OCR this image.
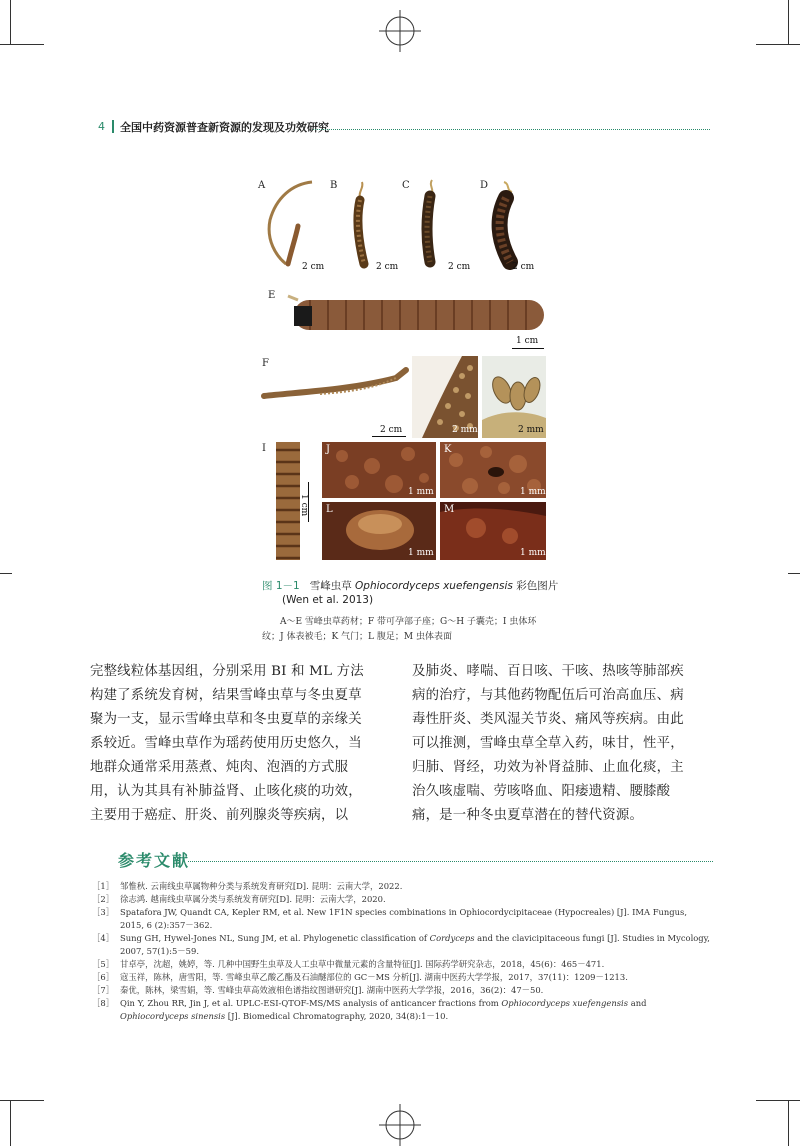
4 全国中药资源普查新资源的发现及功效研究
A
2 cm
B
2 cm
C
2 cm
D
2 cm
E
1 cm
F
2 cm	2 mm	2 mm
I
1 cm
J
1 mm
K
1 mm
L
1 mm
M
1 mm
图 1－1 雪峰虫草 Ophiocordyceps xuefengensis 彩色图片
(Wen et al. 2013)
A～E 雪峰虫草药材；F 带可孕部子座；G～H 子囊壳；I 虫体环
纹；J 体表被毛；K 气门；L 腹足；M 虫体表面

完整线粒体基因组，分别采用 BI 和 ML 方法构建了系统发育树，结果雪峰虫草与冬虫夏草聚为一支，显示雪峰虫草和冬虫夏草的亲缘关系较近。雪峰虫草作为瑶药使用历史悠久，当地群众通常采用蒸煮、炖肉、泡酒的方式服用，认为其具有补肺益肾、止咳化痰的功效，主要用于癌症、肝炎、前列腺炎等疾病，以

及肺炎、哮喘、百日咳、干咳、热咳等肺部疾病的治疗，与其他药物配伍后可治高血压、病毒性肝炎、类风湿关节炎、痛风等疾病。由此可以推测，雪峰虫草全草入药，味甘，性平，归肺、肾经，功效为补肾益肺、止血化痰，主治久咳虚喘、劳咳咯血、阳痿遗精、腰膝酸痛，是一种冬虫夏草潜在的替代资源。

参考文献
［1］ 邹惟秋. 云南线虫草属物种分类与系统发育研究[D]. 昆明：云南大学，2022.
［2］ 徐志鸿. 越南线虫草属分类与系统发育研究[D]. 昆明：云南大学，2020.
［3］ Spatafora JW, Quandt CA, Kepler RM, et al. New 1F1N species combinations in Ophiocordycipitaceae (Hypocreales) [J]. IMA Fungus, 2015, 6 (2):357－362.
［4］ Sung GH, Hywel-Jones NL, Sung JM, et al. Phylogenetic classification of Cordyceps and the clavicipitaceous fungi [J]. Studies in Mycology, 2007, 57(1):5－59.
［5］ 甘卓亭，沈超，姚婷，等. 几种中国野生虫草及人工虫草中微量元素的含量特征[J]. 国际药学研究杂志，2018，45(6)：465－471.
［6］ 寇玉祥，陈林，唐雪阳，等. 雪峰虫草乙酸乙酯及石油醚部位的 GC－MS 分析[J]. 湖南中医药大学学报，2017，37(11)：1209－1213.
［7］ 秦优，陈林，梁雪娟，等. 雪峰虫草高效液相色谱指纹图谱研究[J]. 湖南中医药大学学报，2016，36(2)：47－50.
［8］ Qin Y, Zhou RR, Jin J, et al. UPLC-ESI-QTOF-MS/MS analysis of anticancer fractions from Ophiocordyceps xuefengensis and Ophiocordyceps sinensis [J]. Biomedical Chromatography, 2020, 34(8):1－10.
